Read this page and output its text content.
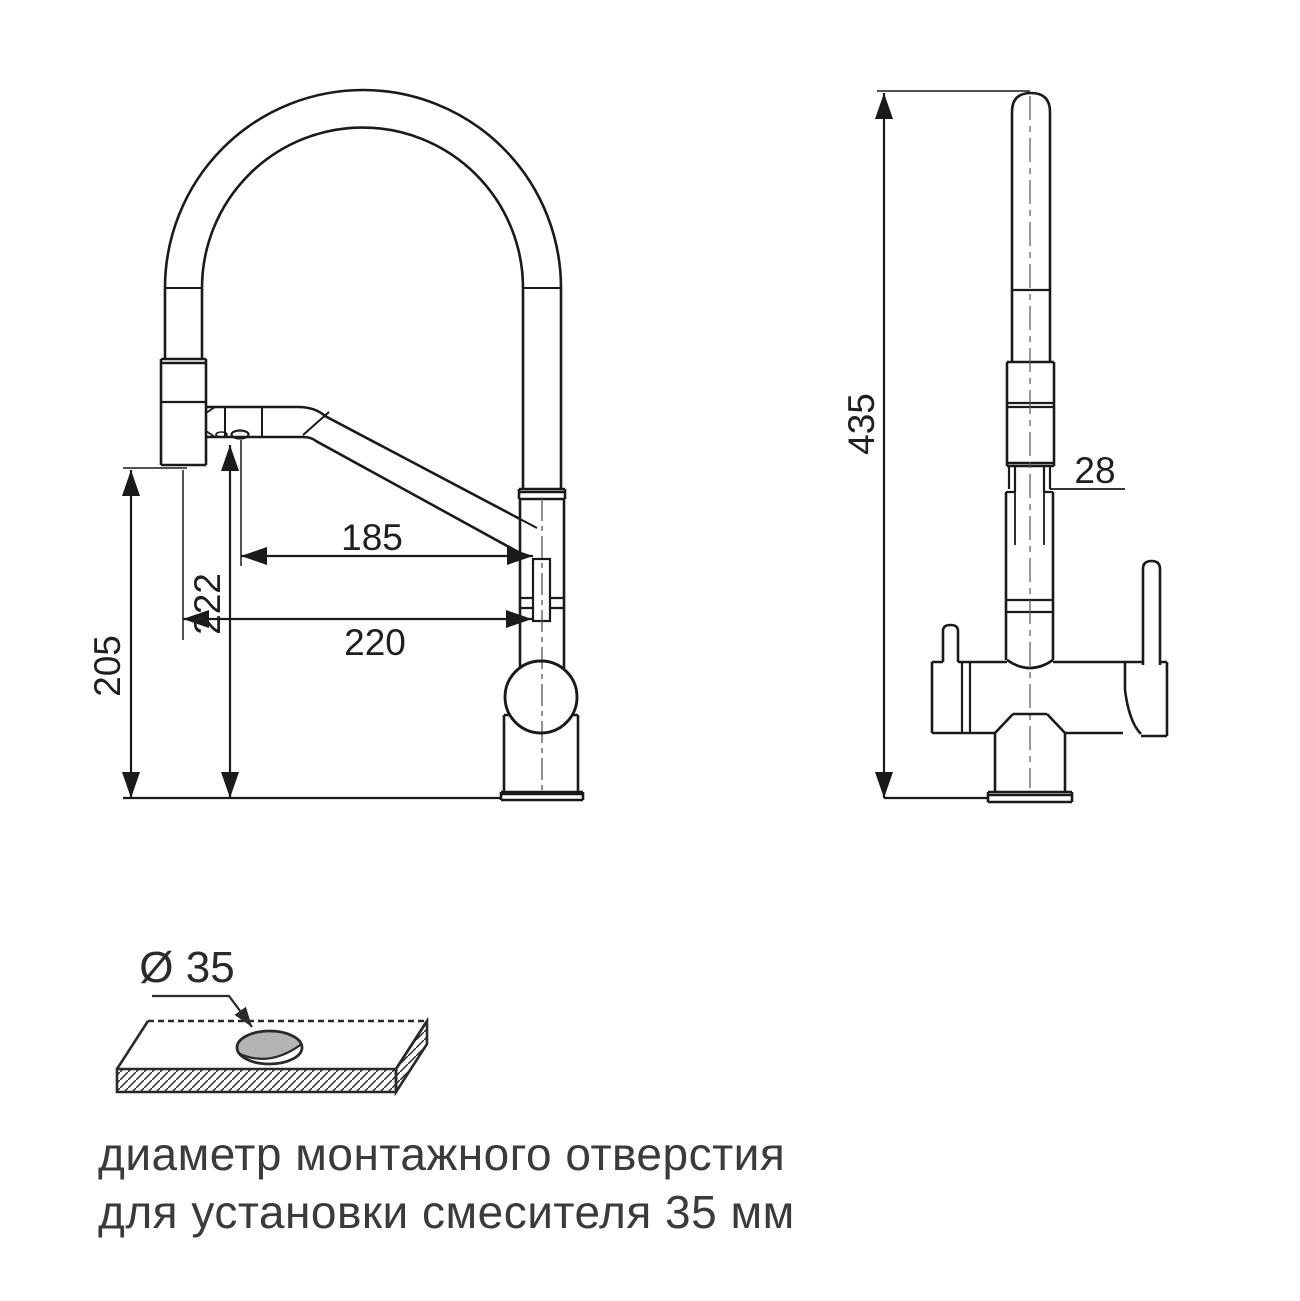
205
222
185
220
435
28
Ø 35
диаметр монтажного отверстия
для установки смесителя 35 мм
